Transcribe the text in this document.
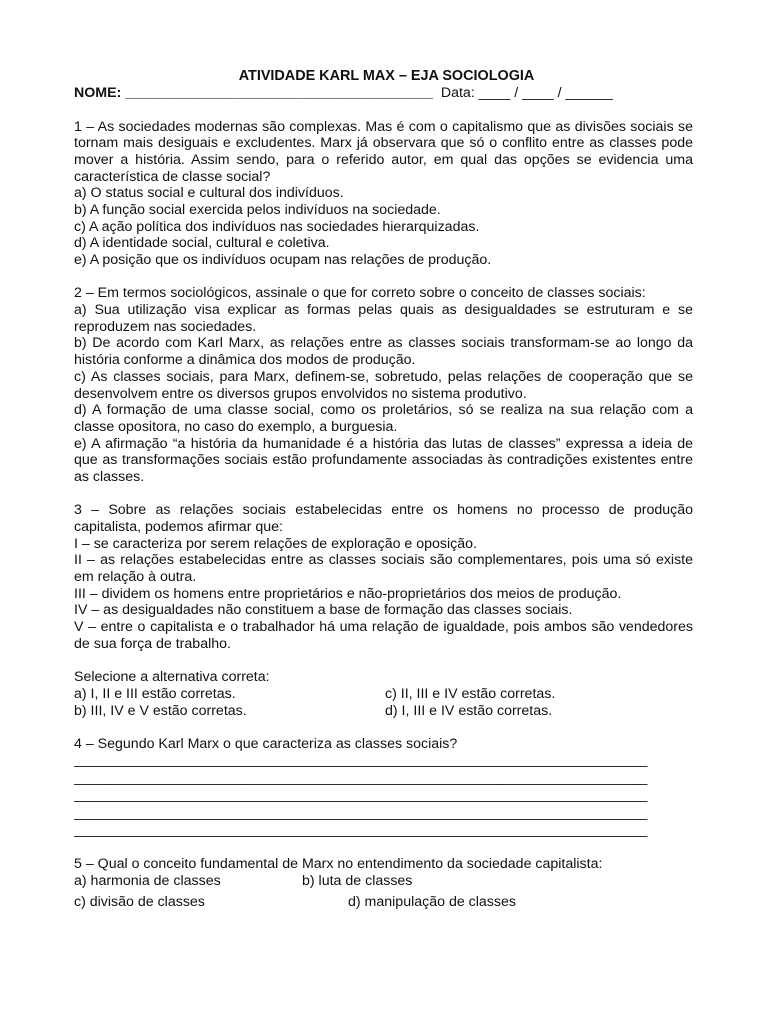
ATIVIDADE KARL MAX – EJA SOCIOLOGIA

NOME: _______________________________________ Data: ____ / ____ / ______

1 – As sociedades modernas são complexas. Mas é com o capitalismo que as divisões sociais se tornam mais desiguais e excludentes. Marx já observara que só o conflito entre as classes pode mover a história. Assim sendo, para o referido autor, em qual das opções se evidencia uma característica de classe social?

a) O status social e cultural dos indivíduos.

b) A função social exercida pelos indivíduos na sociedade.

c) A ação política dos indivíduos nas sociedades hierarquizadas.

d) A identidade social, cultural e coletiva.

e) A posição que os indivíduos ocupam nas relações de produção.

2 – Em termos sociológicos, assinale o que for correto sobre o conceito de classes sociais:

a) Sua utilização visa explicar as formas pelas quais as desigualdades se estruturam e se reproduzem nas sociedades.

b) De acordo com Karl Marx, as relações entre as classes sociais transformam-se ao longo da história conforme a dinâmica dos modos de produção.

c) As classes sociais, para Marx, definem-se, sobretudo, pelas relações de cooperação que se desenvolvem entre os diversos grupos envolvidos no sistema produtivo.

d) A formação de uma classe social, como os proletários, só se realiza na sua relação com a classe opositora, no caso do exemplo, a burguesia.

e) A afirmação “a história da humanidade é a história das lutas de classes” expressa a ideia de que as transformações sociais estão profundamente associadas às contradições existentes entre as classes.

3 – Sobre as relações sociais estabelecidas entre os homens no processo de produção capitalista, podemos afirmar que:

I – se caracteriza por serem relações de exploração e oposição.

II – as relações estabelecidas entre as classes sociais são complementares, pois uma só existe em relação à outra.

III – dividem os homens entre proprietários e não-proprietários dos meios de produção.

IV – as desigualdades não constituem a base de formação das classes sociais.

V – entre o capitalista e o trabalhador há uma relação de igualdade, pois ambos são vendedores de sua força de trabalho.

Selecione a alternativa correta:

a) I, II e III estão corretas.	c) II, III e IV estão corretas.
b) III, IV e V estão corretas.	d) I, III e IV estão corretas.

4 – Segundo Karl Marx o que caracteriza as classes sociais?

____________________________________________________________________________

____________________________________________________________________________

____________________________________________________________________________

____________________________________________________________________________

____________________________________________________________________________

5 – Qual o conceito fundamental de Marx no entendimento da sociedade capitalista:

a) harmonia de classes	b) luta de classes
c) divisão de classes	d) manipulação de classes
